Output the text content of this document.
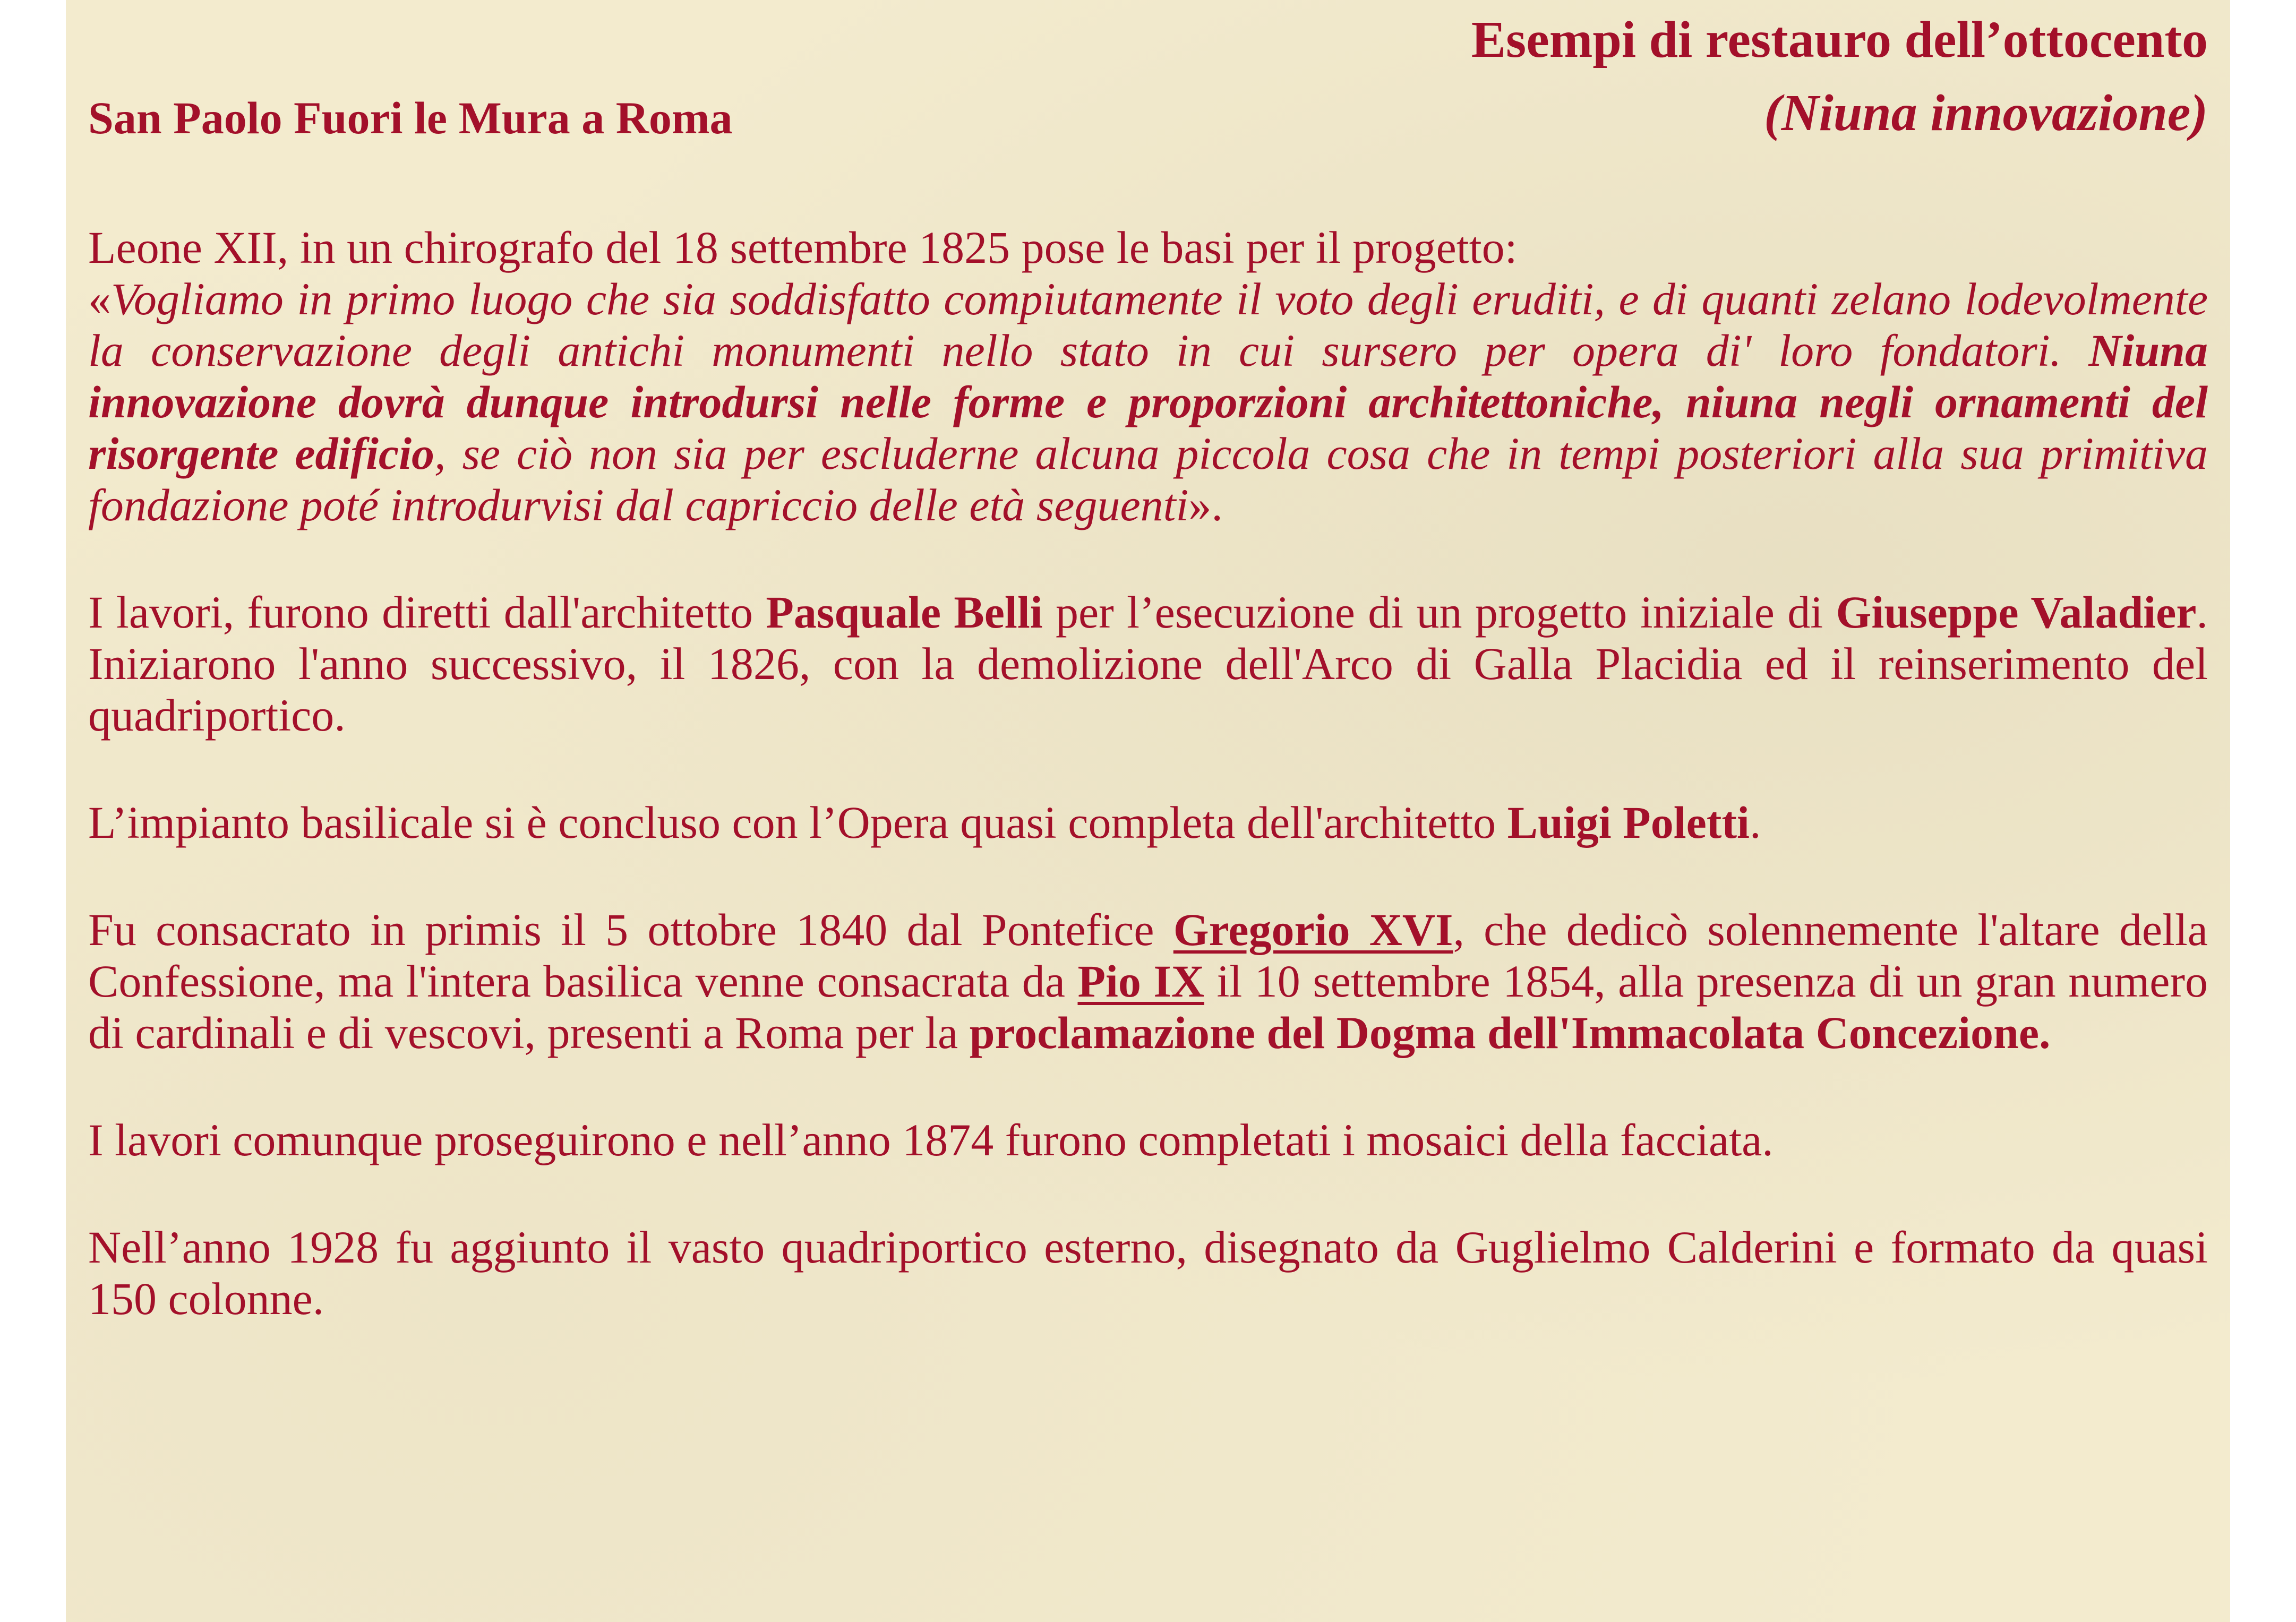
Esempi di restauro dell’ottocento
(Niuna innovazione)
San Paolo Fuori le Mura a Roma

Leone XII, in un chirografo del 18 settembre 1825 pose le basi per il progetto:

«Vogliamo in primo luogo che sia soddisfatto compiutamente il voto degli eruditi, e di quanti zelano lodevolmente la conservazione degli antichi monumenti nello stato in cui sursero per opera di' loro fondatori. Niuna innovazione dovrà dunque introdursi nelle forme e proporzioni architettoniche, niuna negli ornamenti del risorgente edificio, se ciò non sia per escluderne alcuna piccola cosa che in tempi posteriori alla sua primitiva fondazione poté introdurvisi dal capriccio delle età seguenti».

I lavori, furono diretti dall'architetto Pasquale Belli per l’esecuzione di un progetto iniziale di Giuseppe Valadier. Iniziarono l'anno successivo, il 1826, con la demolizione dell'Arco di Galla Placidia ed il reinserimento del quadriportico.

L’impianto basilicale si è concluso con l’Opera quasi completa dell'architetto Luigi Poletti.

Fu consacrato in primis il 5 ottobre 1840 dal Pontefice Gregorio XVI, che dedicò solennemente l'altare della Confessione, ma l'intera basilica venne consacrata da Pio IX il 10 settembre 1854, alla presenza di un gran numero di cardinali e di vescovi, presenti a Roma per la proclamazione del Dogma dell'Immacolata Concezione.

I lavori comunque proseguirono e nell’anno 1874 furono completati i mosaici della facciata.

Nell’anno 1928 fu aggiunto il vasto quadriportico esterno, disegnato da Guglielmo Calderini e formato da quasi 150 colonne.
